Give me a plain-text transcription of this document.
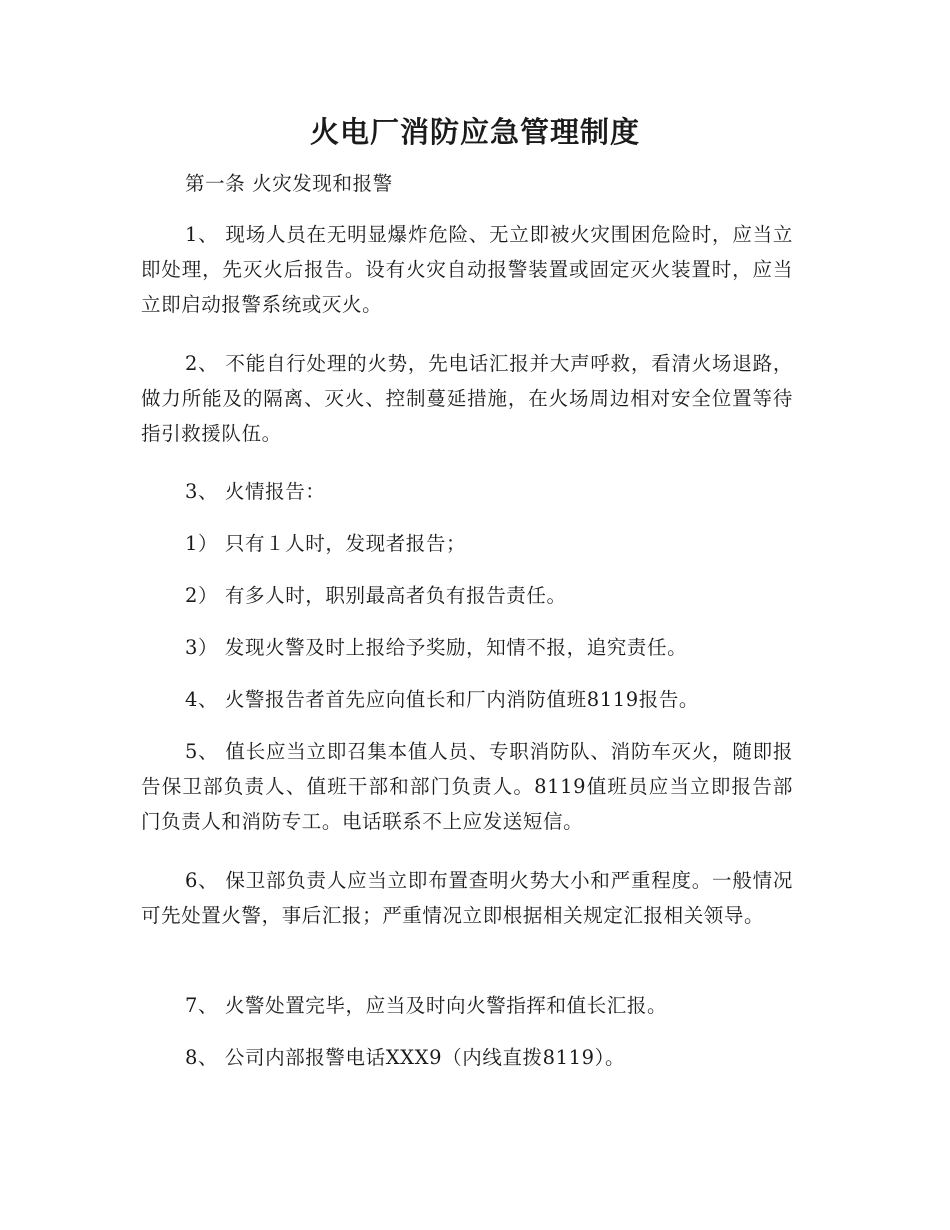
火电厂消防应急管理制度

第一条 火灾发现和报警

1、 现场人员在无明显爆炸危险、无立即被火灾围困危险时，应当立即处理，先灭火后报告。设有火灾自动报警装置或固定灭火装置时，应当立即启动报警系统或灭火。

2、 不能自行处理的火势，先电话汇报并大声呼救，看清火场退路，做力所能及的隔离、灭火、控制蔓延措施，在火场周边相对安全位置等待指引救援队伍。

3、 火情报告：

1） 只有１人时，发现者报告；

2） 有多人时，职别最高者负有报告责任。

3） 发现火警及时上报给予奖励，知情不报，追究责任。

4、 火警报告者首先应向值长和厂内消防值班8119报告。

5、 值长应当立即召集本值人员、专职消防队、消防车灭火，随即报告保卫部负责人、值班干部和部门负责人。8119值班员应当立即报告部门负责人和消防专工。电话联系不上应发送短信。

6、 保卫部负责人应当立即布置查明火势大小和严重程度。一般情况可先处置火警，事后汇报；严重情况立即根据相关规定汇报相关领导。

7、 火警处置完毕，应当及时向火警指挥和值长汇报。

8、 公司内部报警电话XXX9（内线直拨8119）。
